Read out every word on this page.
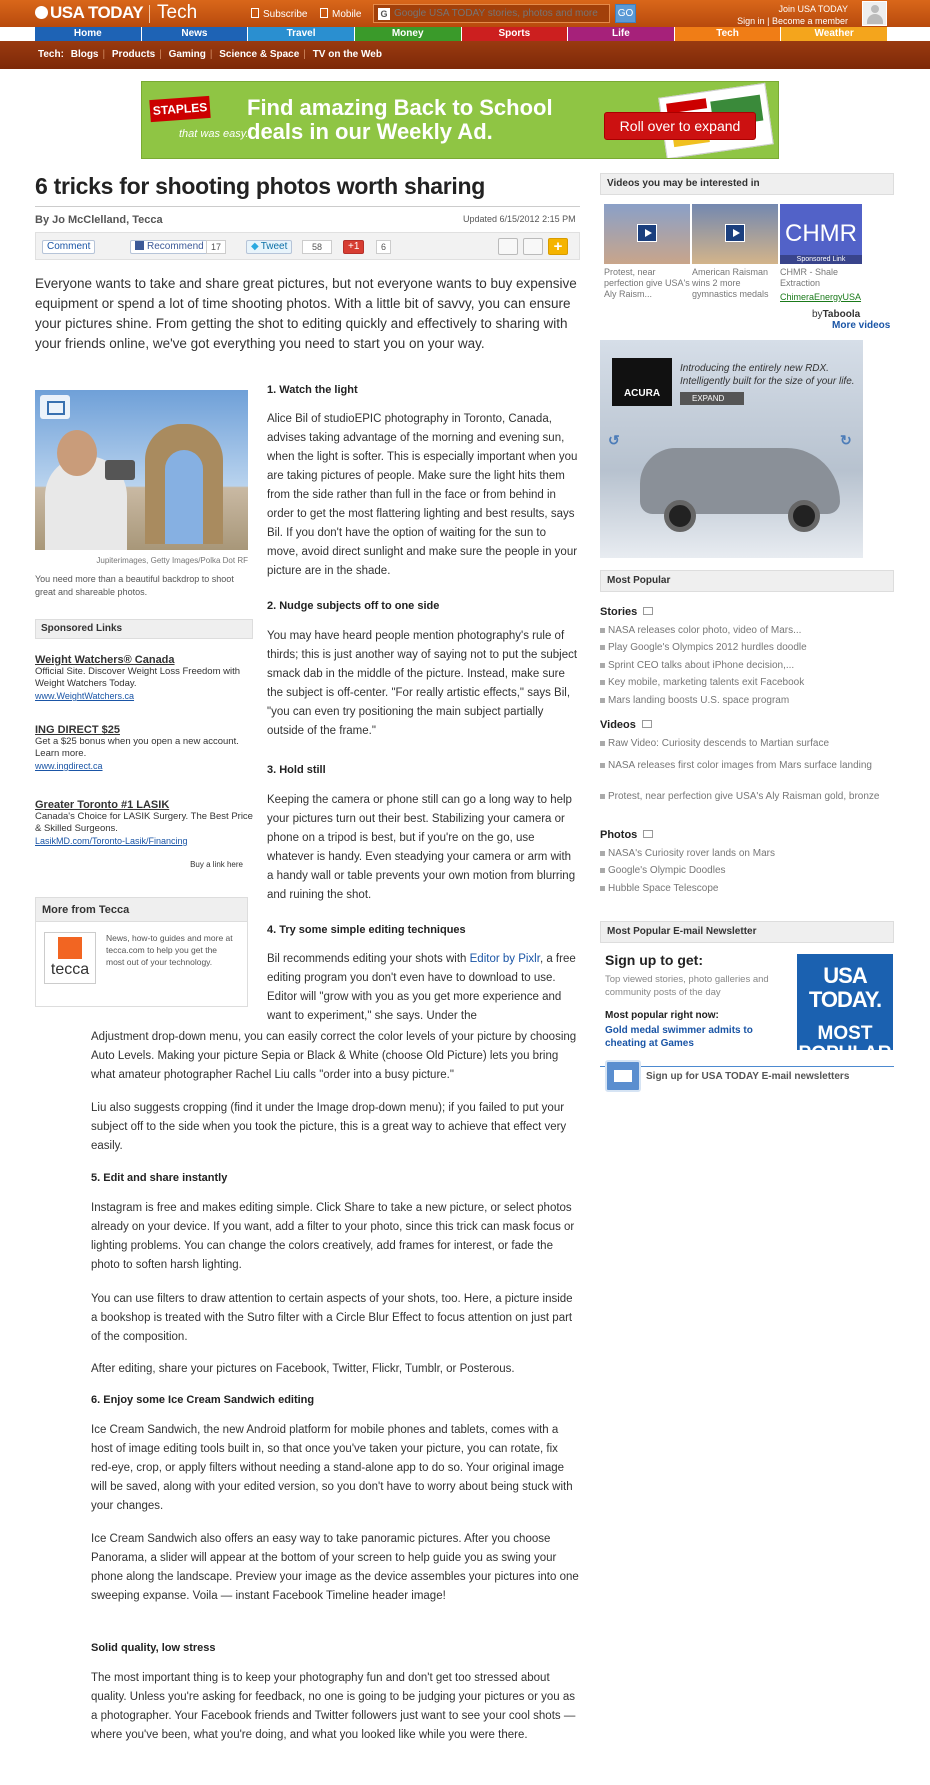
USA TODAY Tech	Subscribe	Mobile G
Google USA TODAY stories, photos and more	GO	Join USA TODAY
Sign in | Become a member
Home	News	Travel	Money	Sports	Life	Tech	Weather
Tech: Blogs | Products | Gaming | Science & Space | TV on the Web
STAPLES
that was easy.
Find amazing Back to School deals in our Weekly Ad.	Roll over to expand
6 tricks for shooting photos worth sharing
By Jo McClelland, Tecca	Updated 6/15/2012 2:15 PM
Comment	Recommend 17	◆ Tweet	58	+1	6	+

Everyone wants to take and share great pictures, but not everyone wants to buy expensive equipment or spend a lot of time shooting photos. With a little bit of savvy, you can ensure your pictures shine. From getting the shot to editing quickly and effectively to sharing with your friends online, we've got everything you need to start you on your way.

Jupiterimages, Getty Images/Polka Dot RF
You need more than a beautiful backdrop to shoot great and shareable photos.
Sponsored Links
Weight Watchers® Canada
Official Site. Discover Weight Loss Freedom with Weight Watchers Today.
www.WeightWatchers.ca
ING DIRECT $25
Get a $25 bonus when you open a new account. Learn more.
www.ingdirect.ca
Greater Toronto #1 LASIK
Canada's Choice for LASIK Surgery. The Best Price & Skilled Surgeons.
LasikMD.com/Toronto-Lasik/Financing
Buy a link here
More from Tecca
tecca
News, how-to guides and more at tecca.com to help you get the most out of your technology.
1. Watch the light

Alice Bil of studioEPIC photography in Toronto, Canada, advises taking advantage of the morning and evening sun, when the light is softer. This is especially important when you are taking pictures of people. Make sure the light hits them from the side rather than full in the face or from behind in order to get the most flattering lighting and best results, says Bil. If you don't have the option of waiting for the sun to move, avoid direct sunlight and make sure the people in your picture are in the shade.

2. Nudge subjects off to one side

You may have heard people mention photography's rule of thirds; this is just another way of saying not to put the subject smack dab in the middle of the picture. Instead, make sure the subject is off-center. "For really artistic effects," says Bil, "you can even try positioning the main subject partially outside of the frame."

3. Hold still

Keeping the camera or phone still can go a long way to help your pictures turn out their best. Stabilizing your camera or phone on a tripod is best, but if you're on the go, use whatever is handy. Even steadying your camera or arm with a handy wall or table prevents your own motion from blurring and ruining the shot.

4. Try some simple editing techniques

Bil recommends editing your shots with Editor by Pixlr, a free editing program you don't even have to download to use. Editor will "grow with you as you get more experience and want to experiment," she says. Under the

Adjustment drop-down menu, you can easily correct the color levels of your picture by choosing Auto Levels. Making your picture Sepia or Black & White (choose Old Picture) lets you bring what amateur photographer Rachel Liu calls "order into a busy picture."

Liu also suggests cropping (find it under the Image drop-down menu); if you failed to put your subject off to the side when you took the picture, this is a great way to achieve that effect very easily.

5. Edit and share instantly

Instagram is free and makes editing simple. Click Share to take a new picture, or select photos already on your device. If you want, add a filter to your photo, since this trick can mask focus or lighting problems. You can change the colors creatively, add frames for interest, or fade the photo to soften harsh lighting.

You can use filters to draw attention to certain aspects of your shots, too. Here, a picture inside a bookshop is treated with the Sutro filter with a Circle Blur Effect to focus attention on just part of the composition.

After editing, share your pictures on Facebook, Twitter, Flickr, Tumblr, or Posterous.

6. Enjoy some Ice Cream Sandwich editing

Ice Cream Sandwich, the new Android platform for mobile phones and tablets, comes with a host of image editing tools built in, so that once you've taken your picture, you can rotate, fix red-eye, crop, or apply filters without needing a stand-alone app to do so. Your original image will be saved, along with your edited version, so you don't have to worry about being stuck with your changes.

Ice Cream Sandwich also offers an easy way to take panoramic pictures. After you choose Panorama, a slider will appear at the bottom of your screen to help guide you as swing your phone along the landscape. Preview your image as the device assembles your pictures into one sweeping expanse. Voila — instant Facebook Timeline header image!

Solid quality, low stress

The most important thing is to keep your photography fun and don't get too stressed about quality. Unless you're asking for feedback, no one is going to be judging your pictures or you as a photographer. Your Facebook friends and Twitter followers just want to see your cool shots — where you've been, what you're doing, and what you looked like while you were there.

Videos you may be interested in
Protest, near perfection give USA's Aly Raism...
American Raisman wins 2 more gymnastics medals
CHMR
Sponsored Link
CHMR - Shale Extraction
ChimeraEnergyUSA
byTaboola
More videos
ACURA
Introducing the entirely new RDX. Intelligently built for the size of your life.
EXPAND
↺	↻
Most Popular
Stories
NASA releases color photo, video of Mars...
Play Google's Olympics 2012 hurdles doodle
Sprint CEO talks about iPhone decision,...
Key mobile, marketing talents exit Facebook
Mars landing boosts U.S. space program
Videos
Raw Video: Curiosity descends to Martian surface
NASA releases first color images from Mars surface landing
Protest, near perfection give USA's Aly Raisman gold, bronze
Photos
NASA's Curiosity rover lands on Mars
Google's Olympic Doodles
Hubble Space Telescope
Most Popular E-mail Newsletter
Sign up to get:
Top viewed stories, photo galleries and community posts of the day
Most popular right now:
Gold medal swimmer admits to cheating at Games
USA TODAY.
MOST POPULAR
Sign up for USA TODAY E-mail newsletters
